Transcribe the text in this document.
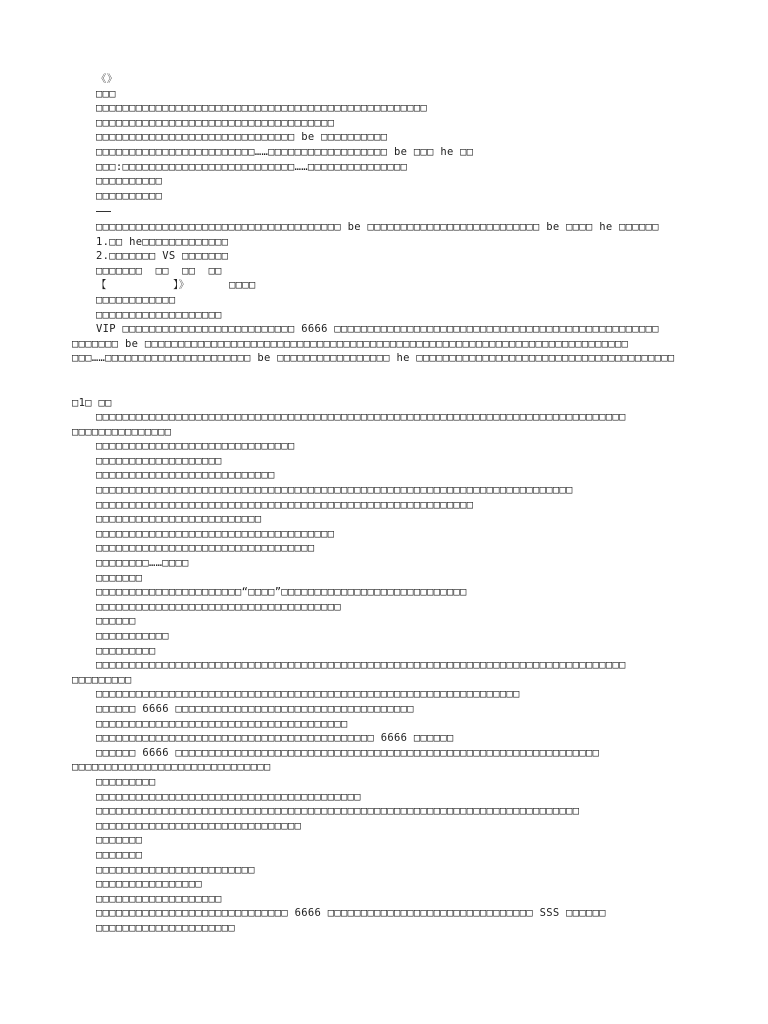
《》
□□□
□□□□□□□□□□□□□□□□□□□□□□□□□□□□□□□□□□□□□□□□□□□□□□□□□□
□□□□□□□□□□□□□□□□□□□□□□□□□□□□□□□□□□□□
□□□□□□□□□□□□□□□□□□□□□□□□□□□□□□ be □□□□□□□□□□
□□□□□□□□□□□□□□□□□□□□□□□□……□□□□□□□□□□□□□□□□□□ be □□□ he □□
□□□:□□□□□□□□□□□□□□□□□□□□□□□□□□……□□□□□□□□□□□□□□□
□□□□□□□□□□
□□□□□□□□□□
□□□□□□□□□□□□□□□□□□□□□□□□□□□□□□□□□□□□□ be □□□□□□□□□□□□□□□□□□□□□□□□□□ be □□□□ he □□□□□□
1.□□ he□□□□□□□□□□□□□
2.□□□□□□□ VS □□□□□□□
□□□□□□□  □□  □□  □□
【          】》      □□□□
□□□□□□□□□□□□
□□□□□□□□□□□□□□□□□□□
VIP □□□□□□□□□□□□□□□□□□□□□□□□□□ 6666 □□□□□□□□□□□□□□□□□□□□□□□□□□□□□□□□□□□□□□□□□□□□□□□□□
□□□□□□□ be □□□□□□□□□□□□□□□□□□□□□□□□□□□□□□□□□□□□□□□□□□□□□□□□□□□□□□□□□□□□□□□□□□□□□□□□□
□□□……□□□□□□□□□□□□□□□□□□□□□□ be □□□□□□□□□□□□□□□□□ he □□□□□□□□□□□□□□□□□□□□□□□□□□□□□□□□□□□□□□□
□1□ □□
□□□□□□□□□□□□□□□□□□□□□□□□□□□□□□□□□□□□□□□□□□□□□□□□□□□□□□□□□□□□□□□□□□□□□□□□□□□□□□□□
□□□□□□□□□□□□□□□
□□□□□□□□□□□□□□□□□□□□□□□□□□□□□□
□□□□□□□□□□□□□□□□□□□
□□□□□□□□□□□□□□□□□□□□□□□□□□□
□□□□□□□□□□□□□□□□□□□□□□□□□□□□□□□□□□□□□□□□□□□□□□□□□□□□□□□□□□□□□□□□□□□□□□□□
□□□□□□□□□□□□□□□□□□□□□□□□□□□□□□□□□□□□□□□□□□□□□□□□□□□□□□□□□
□□□□□□□□□□□□□□□□□□□□□□□□□
□□□□□□□□□□□□□□□□□□□□□□□□□□□□□□□□□□□□
□□□□□□□□□□□□□□□□□□□□□□□□□□□□□□□□□
□□□□□□□□……□□□□
□□□□□□□
□□□□□□□□□□□□□□□□□□□□□□“□□□□”□□□□□□□□□□□□□□□□□□□□□□□□□□□□
□□□□□□□□□□□□□□□□□□□□□□□□□□□□□□□□□□□□□
□□□□□□
□□□□□□□□□□□
□□□□□□□□□
□□□□□□□□□□□□□□□□□□□□□□□□□□□□□□□□□□□□□□□□□□□□□□□□□□□□□□□□□□□□□□□□□□□□□□□□□□□□□□□□
□□□□□□□□□
□□□□□□□□□□□□□□□□□□□□□□□□□□□□□□□□□□□□□□□□□□□□□□□□□□□□□□□□□□□□□□□□
□□□□□□ 6666 □□□□□□□□□□□□□□□□□□□□□□□□□□□□□□□□□□□□
□□□□□□□□□□□□□□□□□□□□□□□□□□□□□□□□□□□□□□
□□□□□□□□□□□□□□□□□□□□□□□□□□□□□□□□□□□□□□□□□□ 6666 □□□□□□
□□□□□□ 6666 □□□□□□□□□□□□□□□□□□□□□□□□□□□□□□□□□□□□□□□□□□□□□□□□□□□□□□□□□□□□□□□□
□□□□□□□□□□□□□□□□□□□□□□□□□□□□□□
□□□□□□□□□
□□□□□□□□□□□□□□□□□□□□□□□□□□□□□□□□□□□□□□□□
□□□□□□□□□□□□□□□□□□□□□□□□□□□□□□□□□□□□□□□□□□□□□□□□□□□□□□□□□□□□□□□□□□□□□□□□□
□□□□□□□□□□□□□□□□□□□□□□□□□□□□□□□
□□□□□□□
□□□□□□□
□□□□□□□□□□□□□□□□□□□□□□□□
□□□□□□□□□□□□□□□□
□□□□□□□□□□□□□□□□□□□
□□□□□□□□□□□□□□□□□□□□□□□□□□□□□ 6666 □□□□□□□□□□□□□□□□□□□□□□□□□□□□□□□ SSS □□□□□□
□□□□□□□□□□□□□□□□□□□□□
